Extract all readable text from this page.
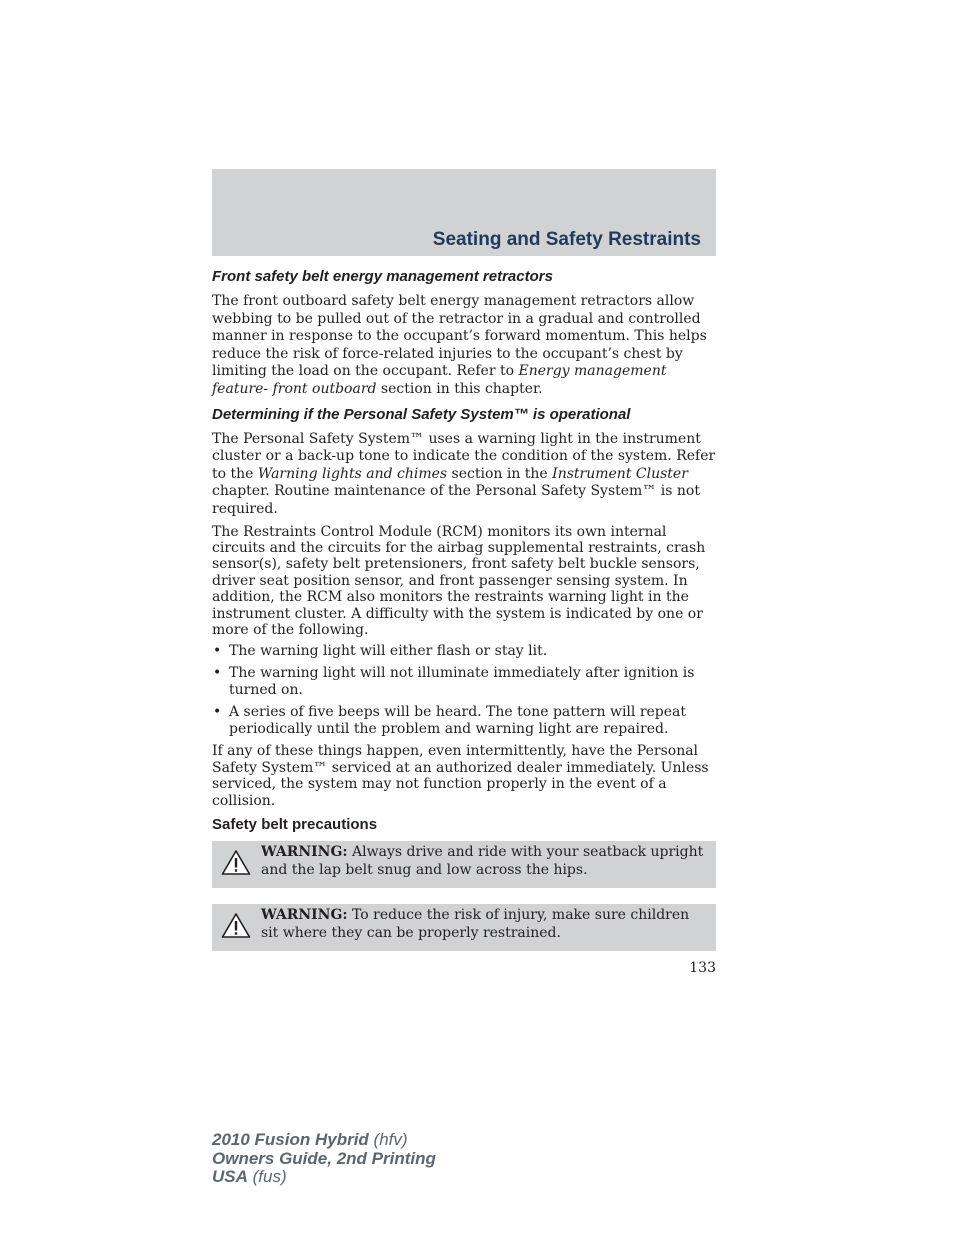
Seating and Safety Restraints
Front safety belt energy management retractors

The front outboard safety belt energy management retractors allow webbing to be pulled out of the retractor in a gradual and controlled manner in response to the occupant’s forward momentum. This helps reduce the risk of force-related injuries to the occupant’s chest by limiting the load on the occupant. Refer to Energy management feature- front outboard section in this chapter.

Determining if the Personal Safety System™ is operational

The Personal Safety System™ uses a warning light in the instrument cluster or a back-up tone to indicate the condition of the system. Refer to the Warning lights and chimes section in the Instrument Cluster chapter. Routine maintenance of the Personal Safety System™ is not required.

The Restraints Control Module (RCM) monitors its own internal circuits and the circuits for the airbag supplemental restraints, crash sensor(s), safety belt pretensioners, front safety belt buckle sensors, driver seat position sensor, and front passenger sensing system. In addition, the RCM also monitors the restraints warning light in the instrument cluster. A difficulty with the system is indicated by one or more of the following.

• The warning light will either flash or stay lit.
• The warning light will not illuminate immediately after ignition is turned on.
• A series of five beeps will be heard. The tone pattern will repeat periodically until the problem and warning light are repaired.

If any of these things happen, even intermittently, have the Personal Safety System™ serviced at an authorized dealer immediately. Unless serviced, the system may not function properly in the event of a collision.

Safety belt precautions
WARNING: Always drive and ride with your seatback upright and the lap belt snug and low across the hips.
WARNING: To reduce the risk of injury, make sure children sit where they can be properly restrained.
133
2010 Fusion Hybrid (hfv)
Owners Guide, 2nd Printing
USA (fus)
